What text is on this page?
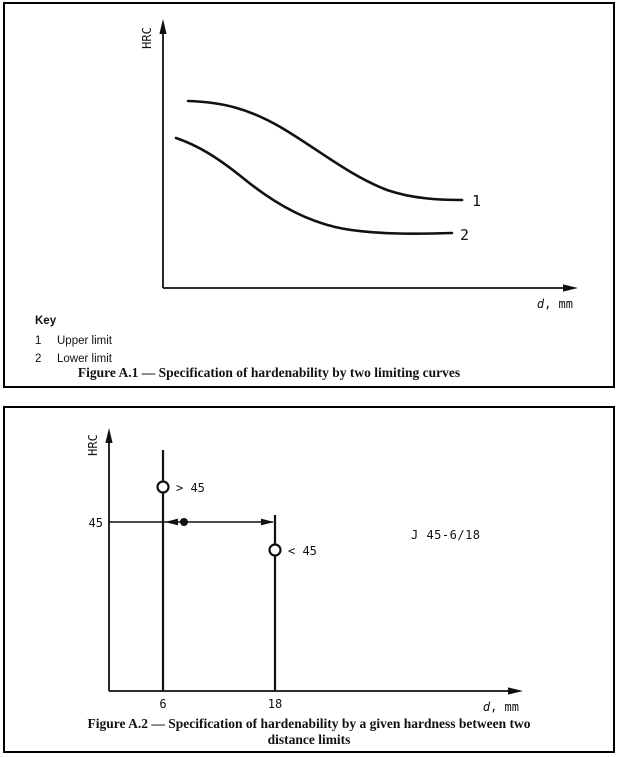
HRC
d, mm
1
2
Key
1	Upper limit
2	Lower limit
Figure A.1 — Specification of hardenability by two limiting curves
HRC
d, mm
> 45
< 45
45
6	18
J 45-6/18
Figure A.2 — Specification of hardenability by a given hardness between two
distance limits
